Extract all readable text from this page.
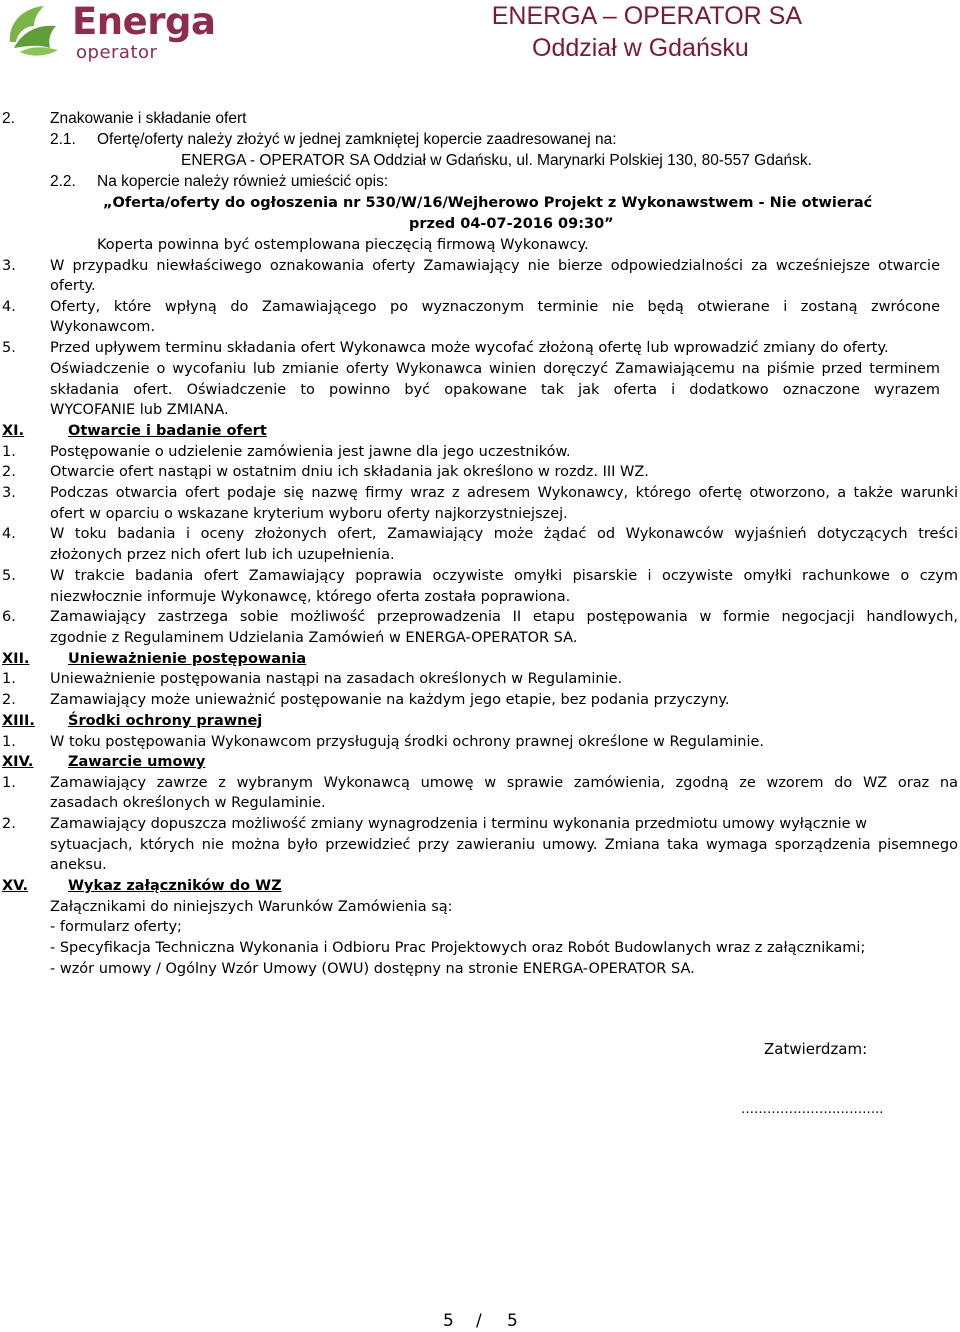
Energa
operator
ENERGA – OPERATOR SA
Oddział w Gdańsku
2. Znakowanie i składanie ofert
2.1. Ofertę/oferty należy złożyć w jednej zamkniętej kopercie zaadresowanej na:
ENERGA - OPERATOR SA Oddział w Gdańsku, ul. Marynarki Polskiej 130, 80-557 Gdańsk.
2.2. Na kopercie należy również umieścić opis:
„Oferta/oferty do ogłoszenia nr 530/W/16/Wejherowo Projekt z Wykonawstwem - Nie otwierać
przed 04-07-2016 09:30”
Koperta powinna być ostemplowana pieczęcią firmową Wykonawcy.
3. W przypadku niewłaściwego oznakowania oferty Zamawiający nie bierze odpowiedzialności za wcześniejsze otwarcie
oferty.
4. Oferty, które wpłyną do Zamawiającego po wyznaczonym terminie nie będą otwierane i zostaną zwrócone
Wykonawcom.
5. Przed upływem terminu składania ofert Wykonawca może wycofać złożoną ofertę lub wprowadzić zmiany do oferty.
Oświadczenie o wycofaniu lub zmianie oferty Wykonawca winien doręczyć Zamawiającemu na piśmie przed terminem
składania ofert. Oświadczenie to powinno być opakowane tak jak oferta i dodatkowo oznaczone wyrazem
WYCOFANIE lub ZMIANA.
XI.	Otwarcie i badanie ofert
1. Postępowanie o udzielenie zamówienia jest jawne dla jego uczestników.
2. Otwarcie ofert nastąpi w ostatnim dniu ich składania jak określono w rozdz. III WZ.
3. Podczas otwarcia ofert podaje się nazwę firmy wraz z adresem Wykonawcy, którego ofertę otworzono, a także warunki
ofert w oparciu o wskazane kryterium wyboru oferty najkorzystniejszej.
4. W toku badania i oceny złożonych ofert, Zamawiający może żądać od Wykonawców wyjaśnień dotyczących treści
złożonych przez nich ofert lub ich uzupełnienia.
5. W trakcie badania ofert Zamawiający poprawia oczywiste omyłki pisarskie i oczywiste omyłki rachunkowe o czym
niezwłocznie informuje Wykonawcę, którego oferta została poprawiona.
6. Zamawiający zastrzega sobie możliwość przeprowadzenia II etapu postępowania w formie negocjacji handlowych,
zgodnie z Regulaminem Udzielania Zamówień w ENERGA-OPERATOR SA.
XII.	Unieważnienie postępowania
1. Unieważnienie postępowania nastąpi na zasadach określonych w Regulaminie.
2. Zamawiający może unieważnić postępowanie na każdym jego etapie, bez podania przyczyny.
XIII. Środki ochrony prawnej
1. W toku postępowania Wykonawcom przysługują środki ochrony prawnej określone w Regulaminie.
XIV. Zawarcie umowy
1. Zamawiający zawrze z wybranym Wykonawcą umowę w sprawie zamówienia, zgodną ze wzorem do WZ oraz na
zasadach określonych w Regulaminie.
2. Zamawiający dopuszcza możliwość zmiany wynagrodzenia i terminu wykonania przedmiotu umowy wyłącznie w
sytuacjach, których nie można było przewidzieć przy zawieraniu umowy. Zmiana taka wymaga sporządzenia pisemnego
aneksu.
XV.	Wykaz załączników do WZ
Załącznikami do niniejszych Warunków Zamówienia są:
- formularz oferty;
- Specyfikacja Techniczna Wykonania i Odbioru Prac Projektowych oraz Robót Budowlanych wraz z załącznikami;
- wzór umowy / Ogólny Wzór Umowy (OWU) dostępny na stronie ENERGA-OPERATOR SA.
Zatwierdzam:
………………….………..
5 / 5
